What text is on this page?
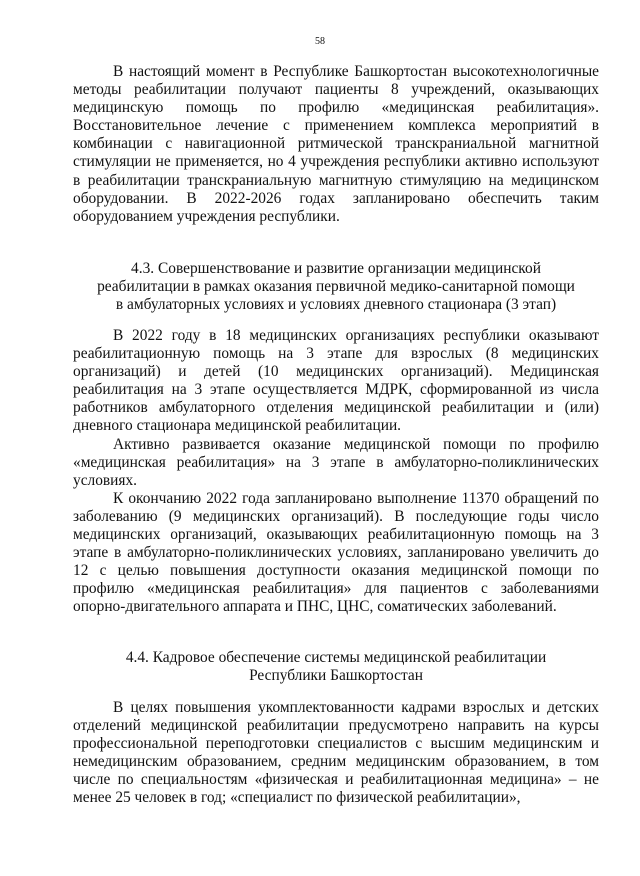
58

В настоящий момент в Республике Башкортостан высокотехнологичные методы реабилитации получают пациенты 8 учреждений, оказывающих медицинскую помощь по профилю «медицинская реабилитация». Восстановительное лечение с применением комплекса мероприятий в комбинации с навигационной ритмической транскраниальной магнитной стимуляции не применяется, но 4 учреждения республики активно используют в реабилитации транскраниальную магнитную стимуляцию на медицинском оборудовании. В 2022-2026 годах запланировано обеспечить таким оборудованием учреждения республики.

4.3. Совершенствование и развитие организации медицинской
реабилитации в рамках оказания первичной медико-санитарной помощи
в амбулаторных условиях и условиях дневного стационара (3 этап)

В 2022 году в 18 медицинских организациях республики оказывают реабилитационную помощь на 3 этапе для взрослых (8 медицинских организаций) и детей (10 медицинских организаций). Медицинская реабилитация на 3 этапе осуществляется МДРК, сформированной из числа работников амбулаторного отделения медицинской реабилитации и (или) дневного стационара медицинской реабилитации.

Активно развивается оказание медицинской помощи по профилю «медицинская реабилитация» на 3 этапе в амбулаторно-поликлинических условиях.

К окончанию 2022 года запланировано выполнение 11370 обращений по заболеванию (9 медицинских организаций). В последующие годы число медицинских организаций, оказывающих реабилитационную помощь на 3 этапе в амбулаторно-поликлинических условиях, запланировано увеличить до 12 с целью повышения доступности оказания медицинской помощи по профилю «медицинская реабилитация» для пациентов с заболеваниями опорно-двигательного аппарата и ПНС, ЦНС, соматических заболеваний.

4.4. Кадровое обеспечение системы медицинской реабилитации
Республики Башкортостан

В целях повышения укомплектованности кадрами взрослых и детских отделений медицинской реабилитации предусмотрено направить на курсы профессиональной переподготовки специалистов с высшим медицинским и немедицинским образованием, средним медицинским образованием, в том числе по специальностям «физическая и реабилитационная медицина» – не менее 25 человек в год; «специалист по физической реабилитации»,
